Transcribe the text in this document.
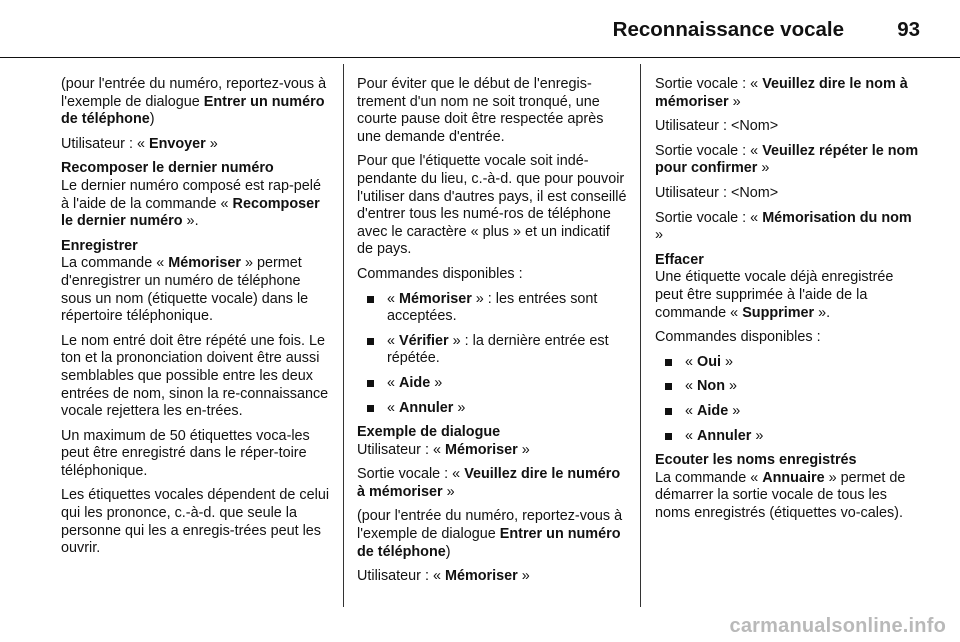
Reconnaissance vocale	93

(pour l'entrée du numéro, reportez-vous à l'exemple de dialogue Entrer un numéro de téléphone)

Utilisateur : « Envoyer »

Recomposer le dernier numéro

Le dernier numéro composé est rap-pelé à l'aide de la commande « Recomposer le dernier numéro ».

Enregistrer

La commande « Mémoriser » permet d'enregistrer un numéro de téléphone sous un nom (étiquette vocale) dans le répertoire téléphonique.

Le nom entré doit être répété une fois. Le ton et la prononciation doivent être aussi semblables que possible entre les deux entrées de nom, sinon la re-connaissance vocale rejettera les en-trées.

Un maximum de 50 étiquettes voca-les peut être enregistré dans le réper-toire téléphonique.

Les étiquettes vocales dépendent de celui qui les prononce, c.-à-d. que seule la personne qui les a enregis-trées peut les ouvrir.

Pour éviter que le début de l'enregis-trement d'un nom ne soit tronqué, une courte pause doit être respectée après une demande d'entrée.

Pour que l'étiquette vocale soit indé-pendante du lieu, c.-à-d. que pour pouvoir l'utiliser dans d'autres pays, il est conseillé d'entrer tous les numé-ros de téléphone avec le caractère « plus » et un indicatif de pays.

Commandes disponibles :

« Mémoriser » : les entrées sont acceptées.
« Vérifier » : la dernière entrée est répétée.
« Aide »
« Annuler »
Exemple de dialogue

Utilisateur : « Mémoriser »

Sortie vocale : « Veuillez dire le numéro à mémoriser »

(pour l'entrée du numéro, reportez-vous à l'exemple de dialogue Entrer un numéro de téléphone)

Utilisateur : « Mémoriser »

Sortie vocale : « Veuillez dire le nom à mémoriser »

Utilisateur : <Nom>

Sortie vocale : « Veuillez répéter le nom pour confirmer »

Utilisateur : <Nom>

Sortie vocale : « Mémorisation du nom »

Effacer

Une étiquette vocale déjà enregistrée peut être supprimée à l'aide de la commande « Supprimer ».

Commandes disponibles :

« Oui »
« Non »
« Aide »
« Annuler »
Ecouter les noms enregistrés

La commande « Annuaire » permet de démarrer la sortie vocale de tous les noms enregistrés (étiquettes vo-cales).

carmanualsonline.info
